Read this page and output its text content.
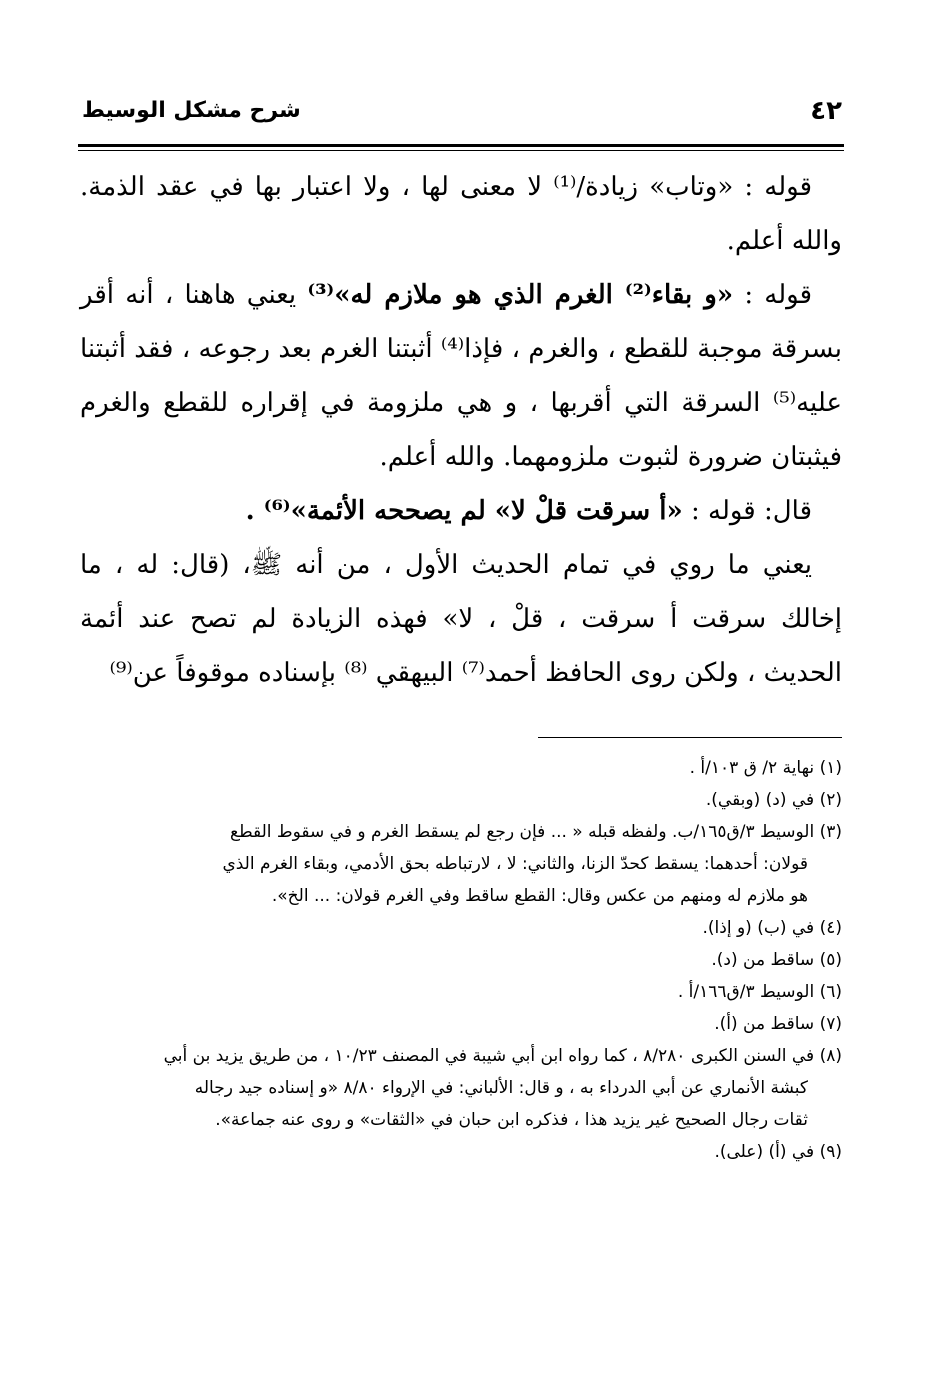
٤٢
شرح مشكل الوسيط

قوله : «وتاب» زيادة/⁽¹⁾ لا معنى لها ، ولا اعتبار بها في عقد الذمة. والله أعلم.

قوله : «و بقاء⁽²⁾ الغرم الذي هو ملازم له»⁽³⁾ يعني هاهنا ، أنه أقر بسرقة موجبة للقطع ، والغرم ، فإذا⁽⁴⁾ أثبتنا الغرم بعد رجوعه ، فقد أثبتنا عليه⁽⁵⁾ السرقة التي أقربها ، و هي ملزومة في إقراره للقطع والغرم فيثبتان ضرورة لثبوت ملزومهما. والله أعلم.

قال: قوله : «أ سرقت قلْ لا» لم يصححه الأئمة»⁽⁶⁾ .

يعني ما روي في تمام الحديث الأول ، من أنه ﷺ، (قال: له ، ما إخالك سرقت أ سرقت ، قلْ ، لا» فهذه الزيادة لم تصح عند أئمة الحديث ، ولكن روى الحافظ أحمد⁽⁷⁾ البيهقي ⁽⁸⁾ بإسناده موقوفاً عن⁽⁹⁾

(١) نهاية ٢/ ق ١٠٣/أ .

(٢) في (د) (وبقي).

(٣) الوسيط ٣/ق١٦٥/ب. ولفظه قبله « ... فإن رجع لم يسقط الغرم و في سقوط القطع

قولان: أحدهما: يسقط كحدّ الزنا، والثاني: لا ، لارتباطه بحق الأدمي، وبقاء الغرم الذي

هو ملازم له ومنهم من عكس وقال: القطع ساقط وفي الغرم قولان: ... الخ».

(٤) في (ب) (و إذا).

(٥) ساقط من (د).

(٦) الوسيط ٣/ق١٦٦/أ .

(٧) ساقط من (أ).

(٨) في السنن الكبرى ٨/٢٨٠ ، كما رواه ابن أبي شيبة في المصنف ١٠/٢٣ ، من طريق يزيد بن أبي

كبشة الأنماري عن أبي الدرداء به ، و قال: الألباني: في الإرواء ٨/٨٠ «و إسناده جيد رجاله

ثقات رجال الصحيح غير يزيد هذا ، فذكره ابن حبان في «الثقات» و روى عنه جماعة».

(٩) في (أ) (على).
